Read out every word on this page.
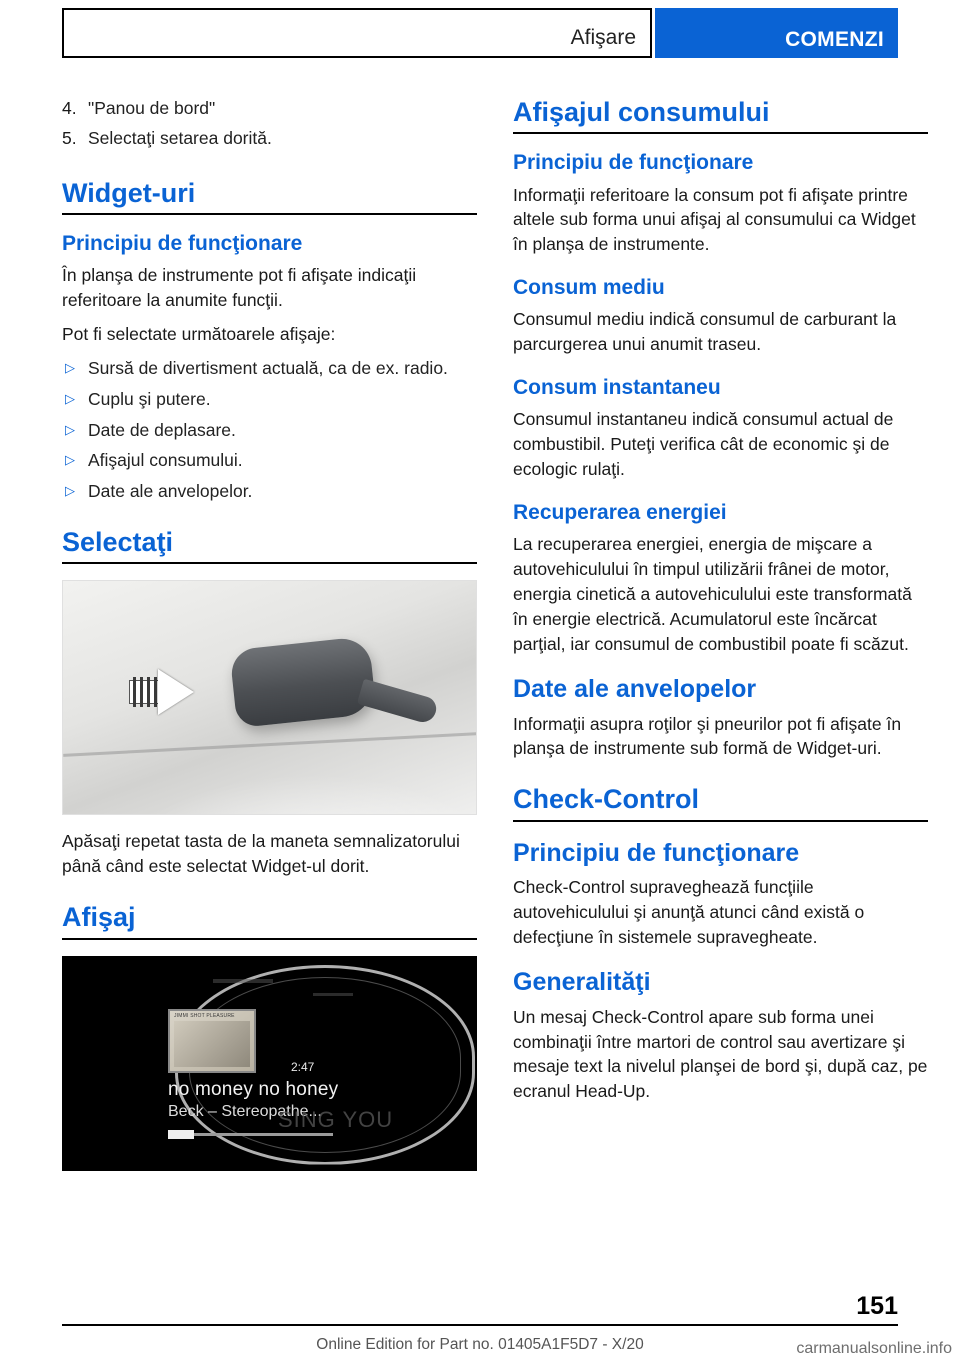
Afişare	COMENZI
4. "Panou de bord"
5. Selectaţi setarea dorită.
Widget-uri
Principiu de funcţionare

În planşa de instrumente pot fi afişate indicaţii referitoare la anumite funcţii.

Pot fi selectate următoarele afişaje:

▷ Sursă de divertisment actuală, ca de ex. radio.
▷ Cuplu şi putere.
▷ Date de deplasare.
▷ Afişajul consumului.
▷ Date ale anvelopelor.
Selectaţi

Apăsaţi repetat tasta de la maneta semnalizatorului până când este selectat Widget-ul dorit.

Afişaj
JIMMI SHOT PLEASURE
2:47
no money no honey
Beck – Stereopathe...
SING YOU
Afişajul consumului
Principiu de funcţionare

Informaţii referitoare la consum pot fi afişate printre altele sub forma unui afişaj al consumului ca Widget în planşa de instrumente.

Consum mediu

Consumul mediu indică consumul de carburant la parcurgerea unui anumit traseu.

Consum instantaneu

Consumul instantaneu indică consumul actual de combustibil. Puteţi verifica cât de economic şi de ecologic rulaţi.

Recuperarea energiei

La recuperarea energiei, energia de mişcare a autovehiculului în timpul utilizării frânei de motor, energia cinetică a autovehiculului este transformată în energie electrică. Acumulatorul este încărcat parţial, iar consumul de combustibil poate fi scăzut.

Date ale anvelopelor

Informaţii asupra roţilor şi pneurilor pot fi afişate în planşa de instrumente sub formă de Widget-uri.

Check-Control
Principiu de funcţionare

Check-Control supraveghează funcţiile autovehiculului şi anunţă atunci când există o defecţiune în sistemele supravegheate.

Generalităţi

Un mesaj Check-Control apare sub forma unei combinaţii între martori de control sau avertizare şi mesaje text la nivelul planşei de bord şi, după caz, pe ecranul Head-Up.

151
Online Edition for Part no. 01405A1F5D7 - X/20	carmanualsonline.info
